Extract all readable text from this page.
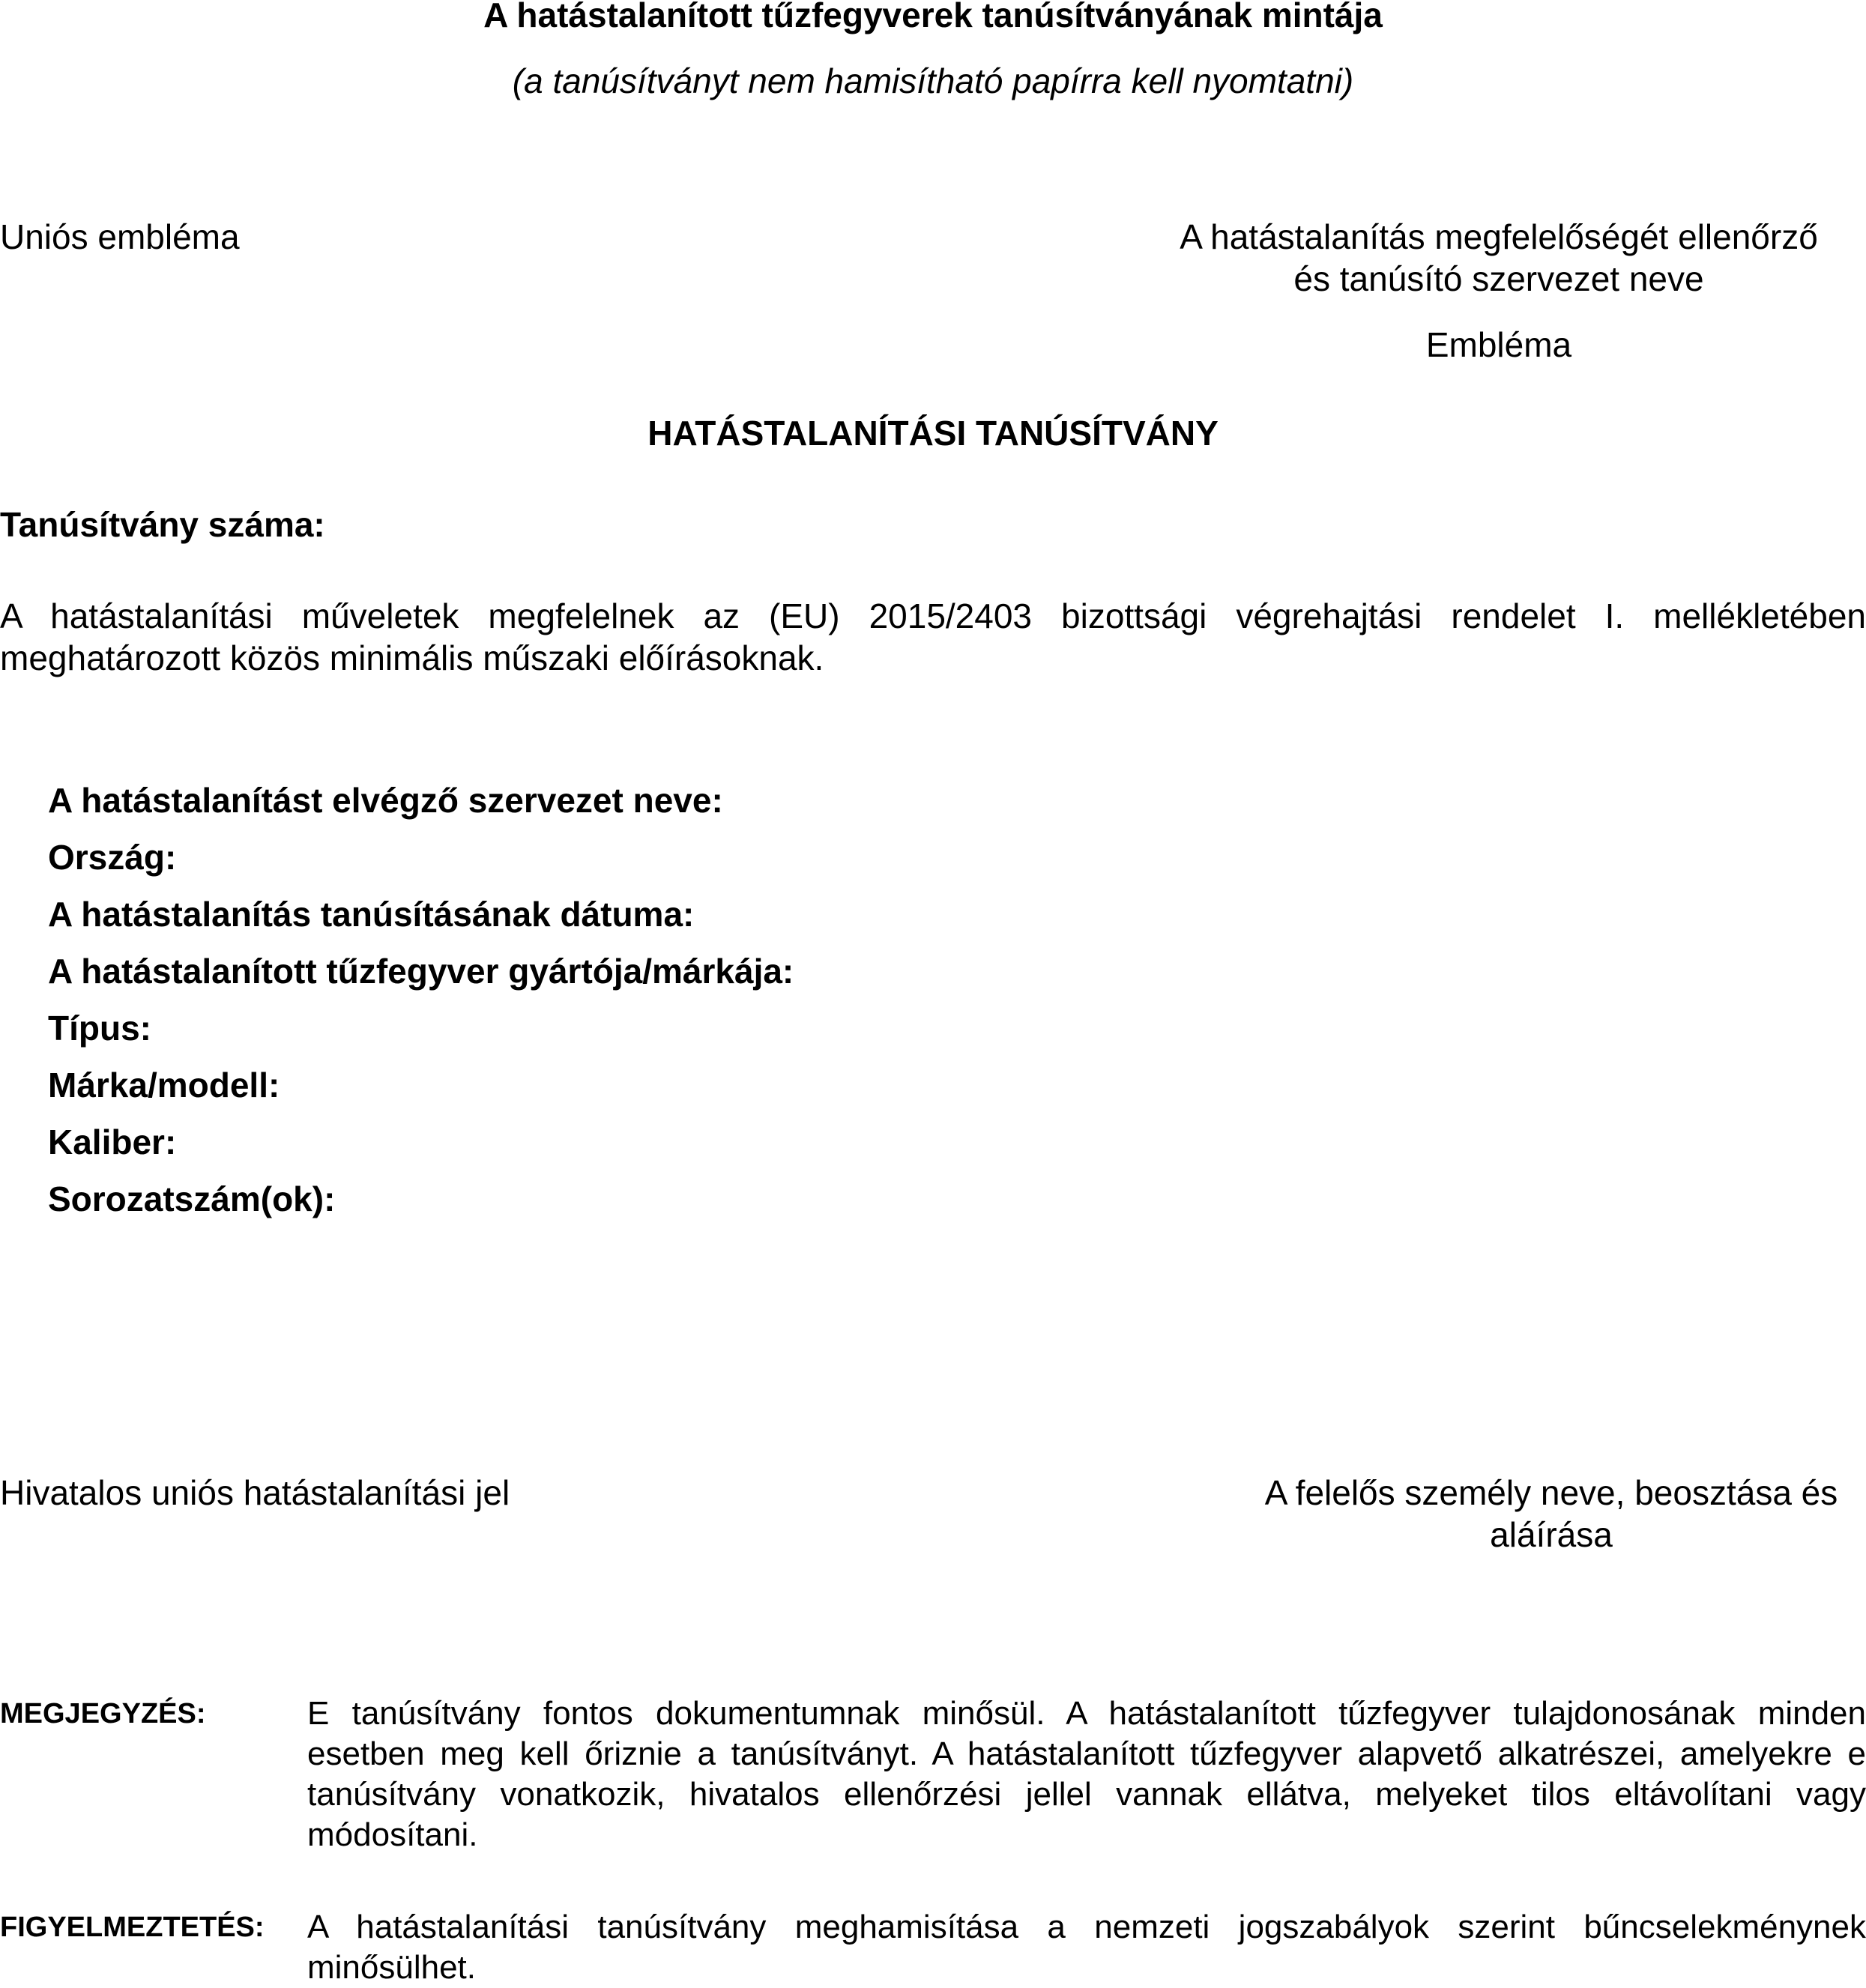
A hatástalanított tűzfegyverek tanúsítványának mintája
(a tanúsítványt nem hamisítható papírra kell nyomtatni)
Uniós embléma	A hatástalanítás megfelelőségét ellenőrző és tanúsító szervezet neve
Embléma
HATÁSTALANÍTÁSI TANÚSÍTVÁNY
Tanúsítvány száma:
A hatástalanítási műveletek megfelelnek az (EU) 2015/2403 bizottsági végrehajtási rendelet I. mellékletében meghatározott közös minimális műszaki előírásoknak.
A hatástalanítást elvégző szervezet neve:
Ország:
A hatástalanítás tanúsításának dátuma:
A hatástalanított tűzfegyver gyártója/márkája:
Típus:
Márka/modell:
Kaliber:
Sorozatszám(ok):
Hivatalos uniós hatástalanítási jel	A felelős személy neve, beosztása és aláírása
MEGJEGYZÉS:	E tanúsítvány fontos dokumentumnak minősül. A hatástalanított tűzfegyver tulajdonosának minden esetben meg kell őriznie a tanúsítványt. A hatástalanított tűzfegyver alapvető alkatrészei, amelyekre e tanúsítvány vonatkozik, hivatalos ellenőrzési jellel vannak ellátva, melyeket tilos eltávolítani vagy módosítani.
FIGYELMEZTETÉS: A hatástalanítási tanúsítvány meghamisítása a nemzeti jogszabályok szerint bűncselekménynek minősülhet.
